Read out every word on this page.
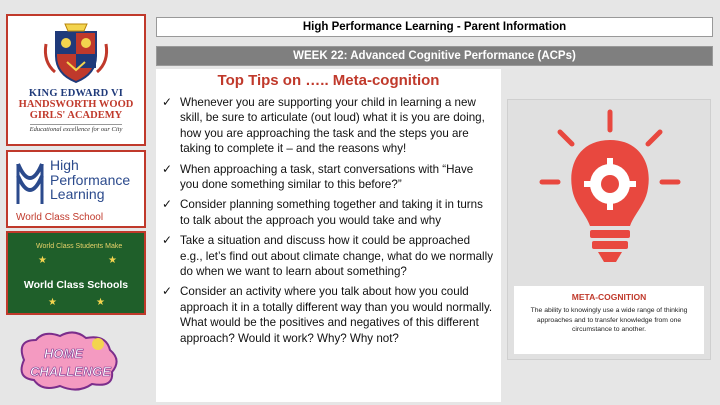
KING EDWARD VI
HANDSWORTH WOOD
GIRLS' ACADEMY
Educational excellence for our City
High
Performance
Learning
World Class School
World Class Students Make
★	★
World Class Schools
★	★
HOME
CHALLENGE
High Performance Learning - Parent Information
WEEK 22: Advanced Cognitive Performance (ACPs)
Top Tips on ….. Meta-cognition
✓ Whenever you are supporting your child in learning a new skill, be sure to articulate (out loud) what it is you are doing, how you are approaching the task and the steps you are taking to complete it – and the reasons why!
✓ When approaching a task, start conversations with “Have you done something similar to this before?”
✓ Consider planning something together and taking it in turns to talk about the approach you would take and why
✓ Take a situation and discuss how it could be approached e.g., let’s find out about climate change, what do we normally do when we want to learn about something?
✓ Consider an activity where you talk about how you could approach it in a totally different way than you would normally. What would be the positives and negatives of this different approach? Would it work? Why? Why not?
META-COGNITION
The ability to knowingly use a wide range of thinking approaches and to transfer knowledge from one circumstance to another.
